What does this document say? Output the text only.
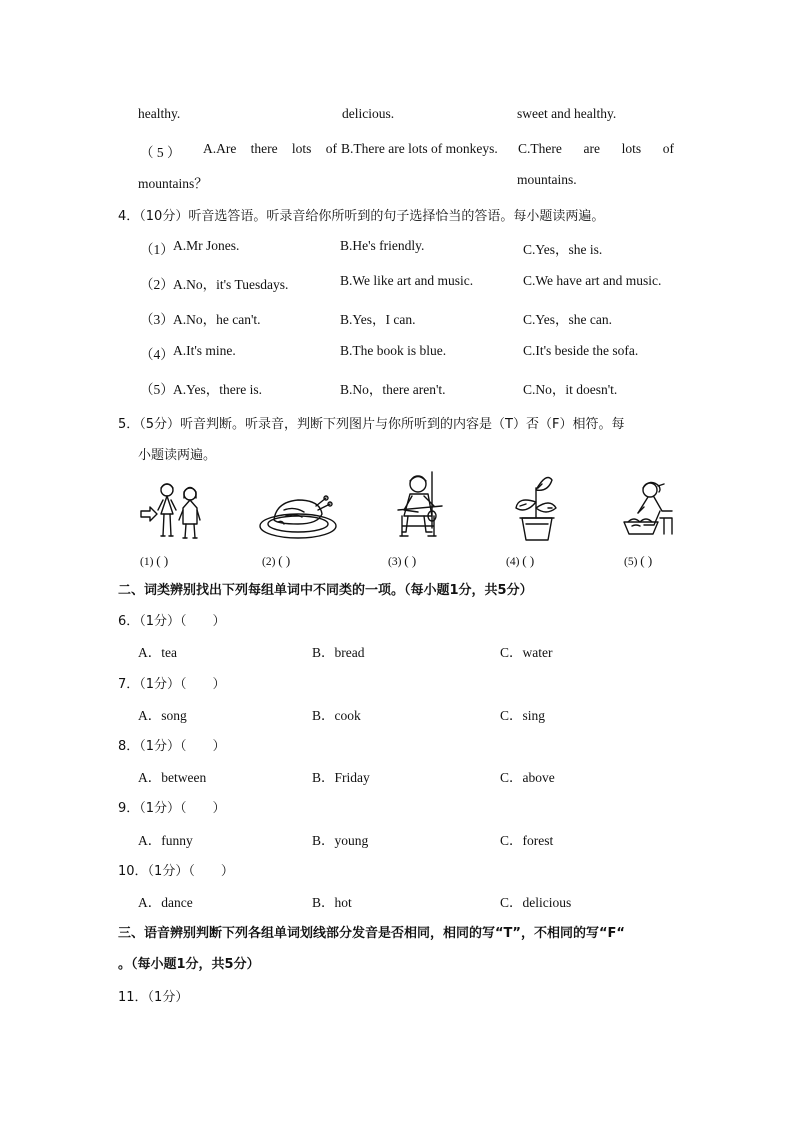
healthy.	delicious.	sweet and healthy.
（ 5 ） A.Are there lots of B.There are lots of monkeys. C.There are lots of
mountains？	mountains.
4．（10分）听音选答语。听录音给你所听到的句子选择恰当的答语。每小题读两遍。
（1） A.Mr Jones.	B.He's friendly.	C.Yes，she is.
（2） A.No，it's Tuesdays.	B.We like art and music.	C.We have art and music.
（3） A.No，he can't.	B.Yes，I can.	C.Yes，she can.
（4） A.It's mine.	B.The book is blue.	C.It's beside the sofa.
（5） A.Yes，there is.	B.No，there aren't.	C.No，it doesn't.
5．（5分）听音判断。听录音，判断下列图片与你所听到的内容是（T）否（F）相符。每
小题读两遍。
(1) ( )	(2) ( )	(3) ( )	(4) ( )	(5) ( )
二、词类辨别找出下列每组单词中不同类的一项。（每小题1分，共5分）
6．（1分）（　　）
A．tea	B．bread	C．water
7．（1分）（　　）
A．song	B．cook	C．sing
8．（1分）（　　）
A．between	B．Friday	C．above
9．（1分）（　　）
A．funny	B．young	C．forest
10．（1分）（　　）
A．dance	B．hot	C．delicious
三、语音辨别判断下列各组单词划线部分发音是否相同，相同的写“T”，不相同的写“F“
。（每小题1分，共5分）
11．（1分）
